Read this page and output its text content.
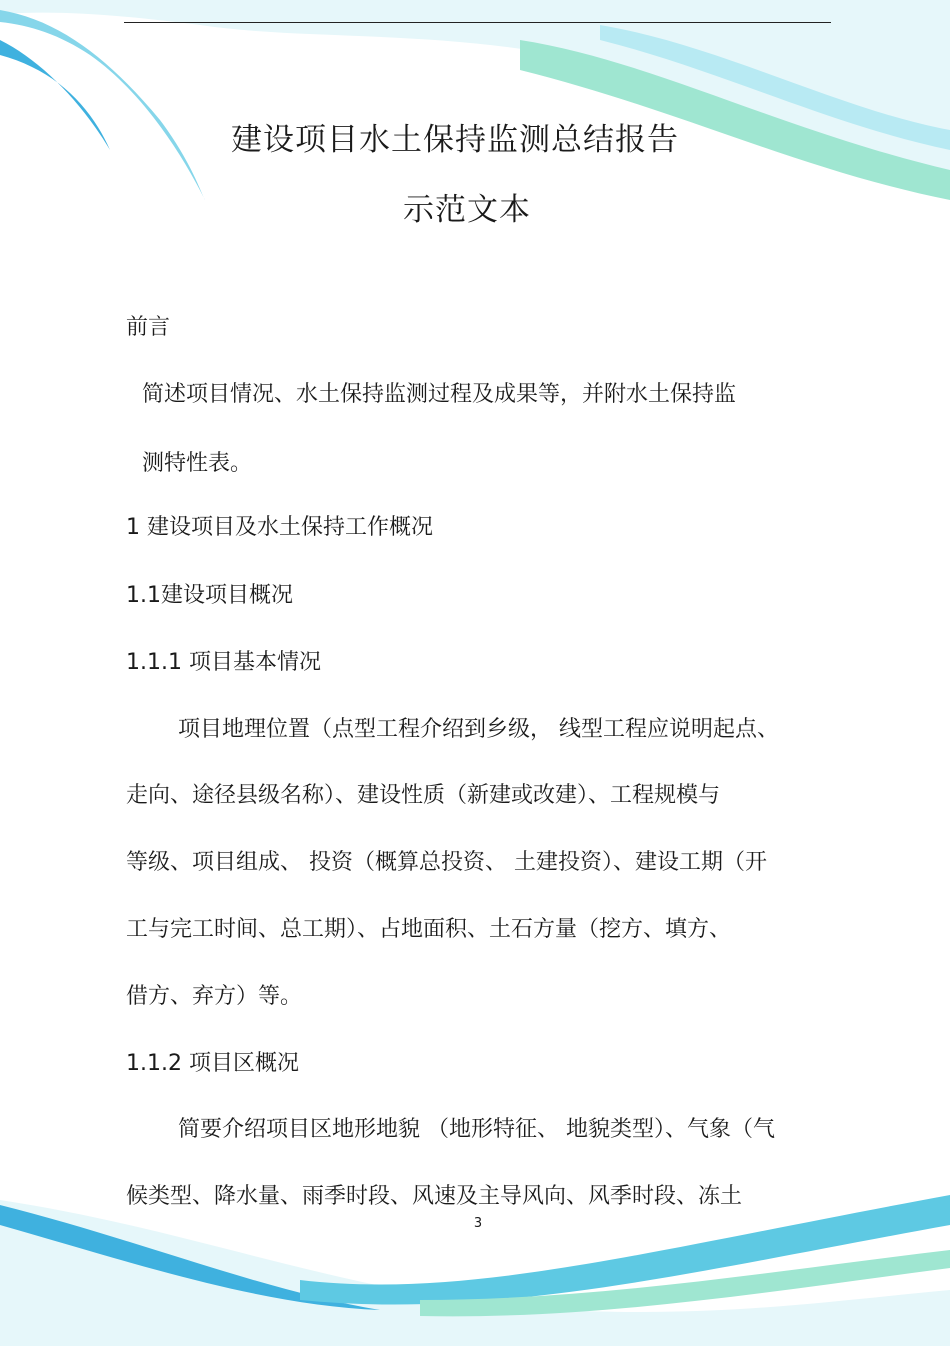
建设项目水土保持监测总结报告
示范文本
前言
简述项目情况、水土保持监测过程及成果等，并附水土保持监
测特性表。
1 建设项目及水土保持工作概况
1.1建设项目概况
1.1.1 项目基本情况
项目地理位置（点型工程介绍到乡级， 线型工程应说明起点、
走向、途径县级名称）、建设性质（新建或改建）、工程规模与
等级、项目组成、 投资（概算总投资、 土建投资）、建设工期（开
工与完工时间、总工期）、占地面积、土石方量（挖方、填方、
借方、弃方）等。
1.1.2 项目区概况
简要介绍项目区地形地貌 （地形特征、 地貌类型）、气象（气
候类型、降水量、雨季时段、风速及主导风向、风季时段、冻土
3
